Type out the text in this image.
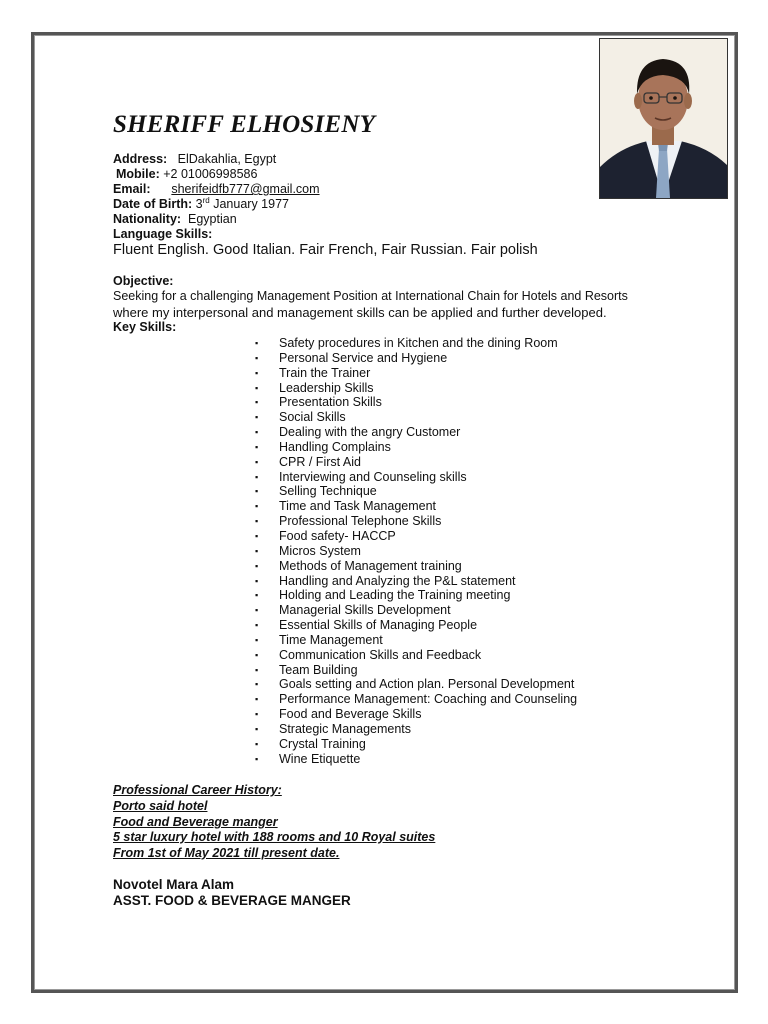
SHERIFF ELHOSIENY
Address: ElDakahlia, Egypt
Mobile: +2 01006998586
Email: sherifeidfb777@gmail.com
Date of Birth: 3rd January 1977
Nationality: Egyptian
Language Skills:
Fluent English. Good Italian. Fair French, Fair Russian. Fair polish
Objective:
Seeking for a challenging Management Position at International Chain for Hotels and Resorts
where my interpersonal and management skills can be applied and further developed.
Key Skills:
▪ Safety procedures in Kitchen and the dining Room
▪ Personal Service and Hygiene
▪ Train the Trainer
▪ Leadership Skills
▪ Presentation Skills
▪ Social Skills
▪ Dealing with the angry Customer
▪ Handling Complains
▪ CPR / First Aid
▪ Interviewing and Counseling skills
▪ Selling Technique
▪ Time and Task Management
▪ Professional Telephone Skills
▪ Food safety- HACCP
▪ Micros System
▪ Methods of Management training
▪ Handling and Analyzing the P&L statement
▪ Holding and Leading the Training meeting
▪ Managerial Skills Development
▪ Essential Skills of Managing People
▪ Time Management
▪ Communication Skills and Feedback
▪ Team Building
▪ Goals setting and Action plan. Personal Development
▪ Performance Management: Coaching and Counseling
▪ Food and Beverage Skills
▪ Strategic Managements
▪ Crystal Training
▪ Wine Etiquette
Professional Career History:
Porto said hotel
Food and Beverage manger
5 star luxury hotel with 188 rooms and 10 Royal suites
From 1st of May 2021 till present date.
Novotel Mara Alam
ASST. FOOD & BEVERAGE MANGER
